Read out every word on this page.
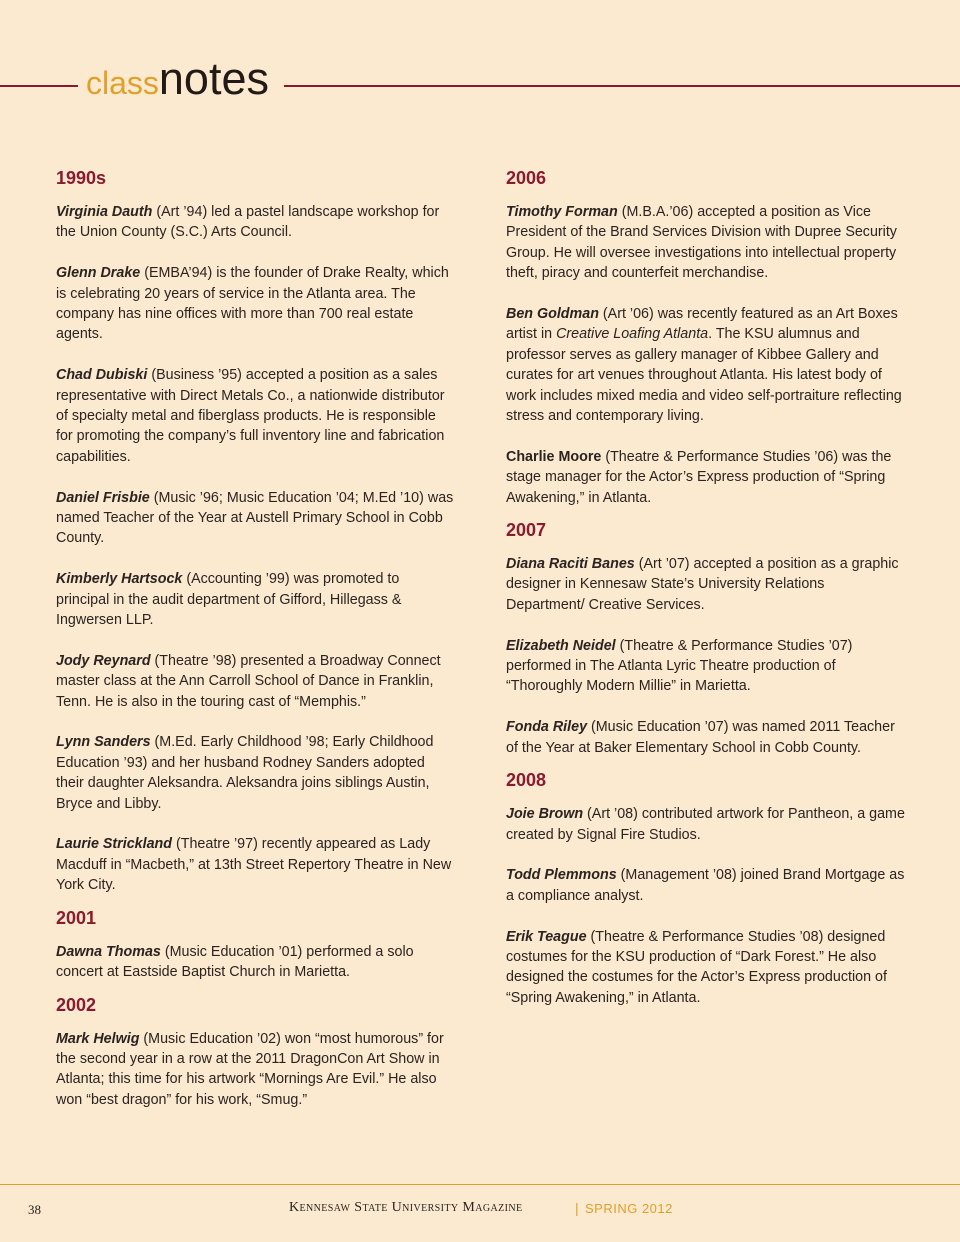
classnotes
1990s

Virginia Dauth (Art ’94) led a pastel landscape workshop for the Union County (S.C.) Arts Council.

Glenn Drake (EMBA’94) is the founder of Drake Realty, which is celebrating 20 years of service in the Atlanta area. The company has nine offices with more than 700 real estate agents.

Chad Dubiski (Business ’95) accepted a position as a sales representative with Direct Metals Co., a nationwide distributor of specialty metal and fiberglass products. He is responsible for promoting the company’s full inventory line and fabrication capabilities.

Daniel Frisbie (Music ’96; Music Education ’04; M.Ed ’10) was named Teacher of the Year at Austell Primary School in Cobb County.

Kimberly Hartsock (Accounting ’99) was promoted to principal in the audit department of Gifford, Hillegass & Ingwersen LLP.

Jody Reynard (Theatre ’98) presented a Broadway Connect master class at the Ann Carroll School of Dance in Franklin, Tenn. He is also in the touring cast of “Memphis.”

Lynn Sanders (M.Ed. Early Childhood ’98; Early Childhood Education ’93) and her husband Rodney Sanders adopted their daughter Aleksandra. Aleksandra joins siblings Austin, Bryce and Libby.

Laurie Strickland (Theatre ’97) recently appeared as Lady Macduff in “Macbeth,” at 13th Street Repertory Theatre in New York City.

2001

Dawna Thomas (Music Education ’01) performed a solo concert at Eastside Baptist Church in Marietta.

2002

Mark Helwig (Music Education ’02) won “most humorous” for the second year in a row at the 2011 DragonCon Art Show in Atlanta; this time for his artwork “Mornings Are Evil.” He also won “best dragon” for his work, “Smug.”

2006

Timothy Forman (M.B.A.’06) accepted a position as Vice President of the Brand Services Division with Dupree Security Group. He will oversee investigations into intellectual property theft, piracy and counterfeit merchandise.

Ben Goldman (Art ’06) was recently featured as an Art Boxes artist in Creative Loafing Atlanta. The KSU alumnus and professor serves as gallery manager of Kibbee Gallery and curates for art venues throughout Atlanta. His latest body of work includes mixed media and video self-portraiture reflecting stress and contemporary living.

Charlie Moore (Theatre & Performance Studies ’06) was the stage manager for the Actor’s Express production of “Spring Awakening,” in Atlanta.

2007

Diana Raciti Banes (Art ’07) accepted a position as a graphic designer in Kennesaw State’s University Relations Department/ Creative Services.

Elizabeth Neidel (Theatre & Performance Studies ’07) performed in The Atlanta Lyric Theatre production of “Thoroughly Modern Millie” in Marietta.

Fonda Riley (Music Education ’07) was named 2011 Teacher of the Year at Baker Elementary School in Cobb County.

2008

Joie Brown (Art ’08) contributed artwork for Pantheon, a game created by Signal Fire Studios.

Todd Plemmons (Management ’08) joined Brand Mortgage as a compliance analyst.

Erik Teague (Theatre & Performance Studies ’08) designed costumes for the KSU production of “Dark Forest.” He also designed the costumes for the Actor’s Express production of “Spring Awakening,” in Atlanta.

38	Kennesaw State University Magazine	| SPRING 2012
